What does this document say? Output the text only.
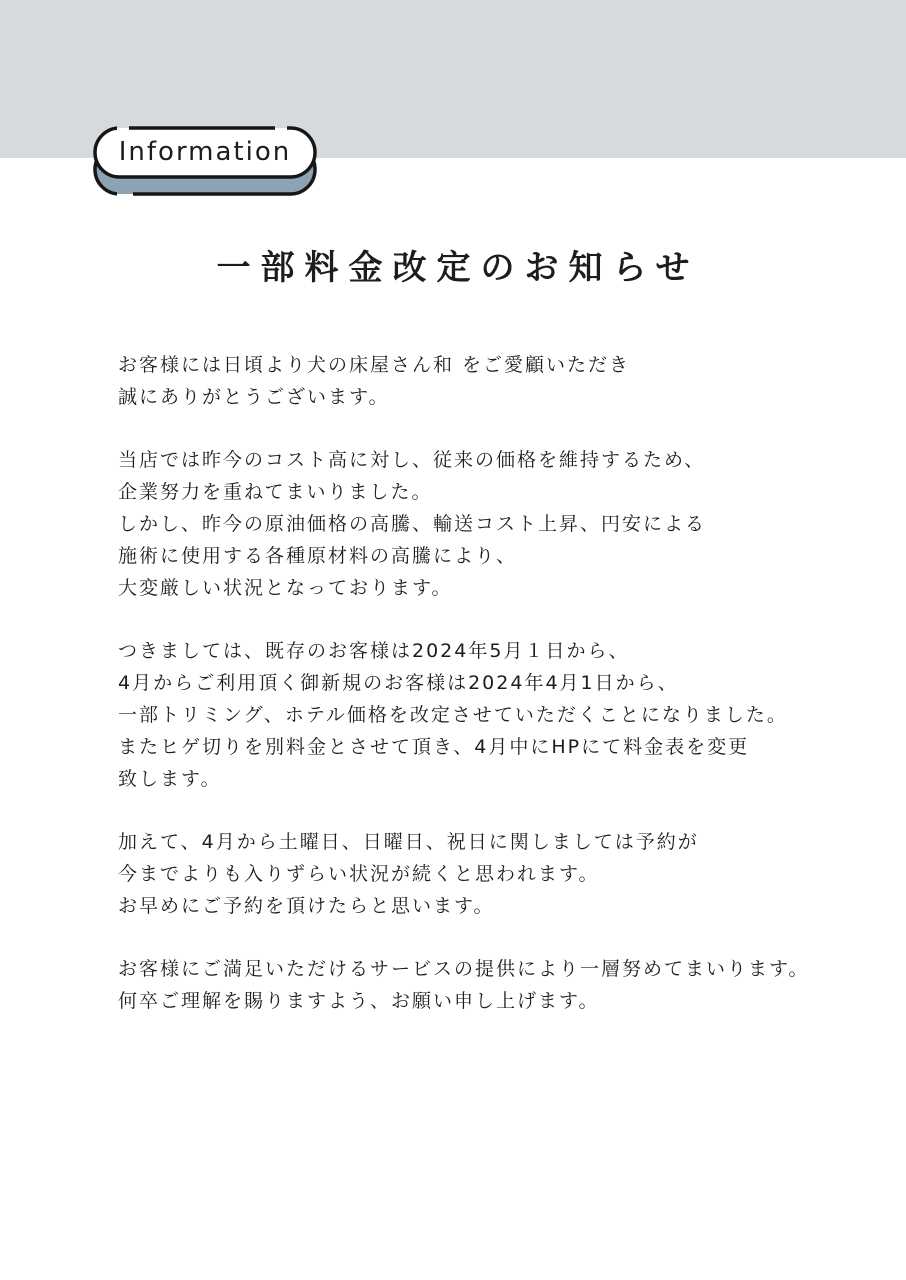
Information
一部料金改定のお知らせ
お客様には日頃より犬の床屋さん和 をご愛顧いただき
誠にありがとうございます。
当店では昨今のコスト高に対し、従来の価格を維持するため、
企業努力を重ねてまいりました。
しかし、昨今の原油価格の高騰、輸送コスト上昇、円安による
施術に使用する各種原材料の高騰により、
大変厳しい状況となっております。
つきましては、既存のお客様は2024年5月１日から、
4月からご利用頂く御新規のお客様は2024年4月1日から、
一部トリミング、ホテル価格を改定させていただくことになりました。
またヒゲ切りを別料金とさせて頂き、4月中にHPにて料金表を変更
致します。
加えて、4月から土曜日、日曜日、祝日に関しましては予約が
今までよりも入りずらい状況が続くと思われます。
お早めにご予約を頂けたらと思います。
お客様にご満足いただけるサービスの提供により一層努めてまいります。
何卒ご理解を賜りますよう、お願い申し上げます。
